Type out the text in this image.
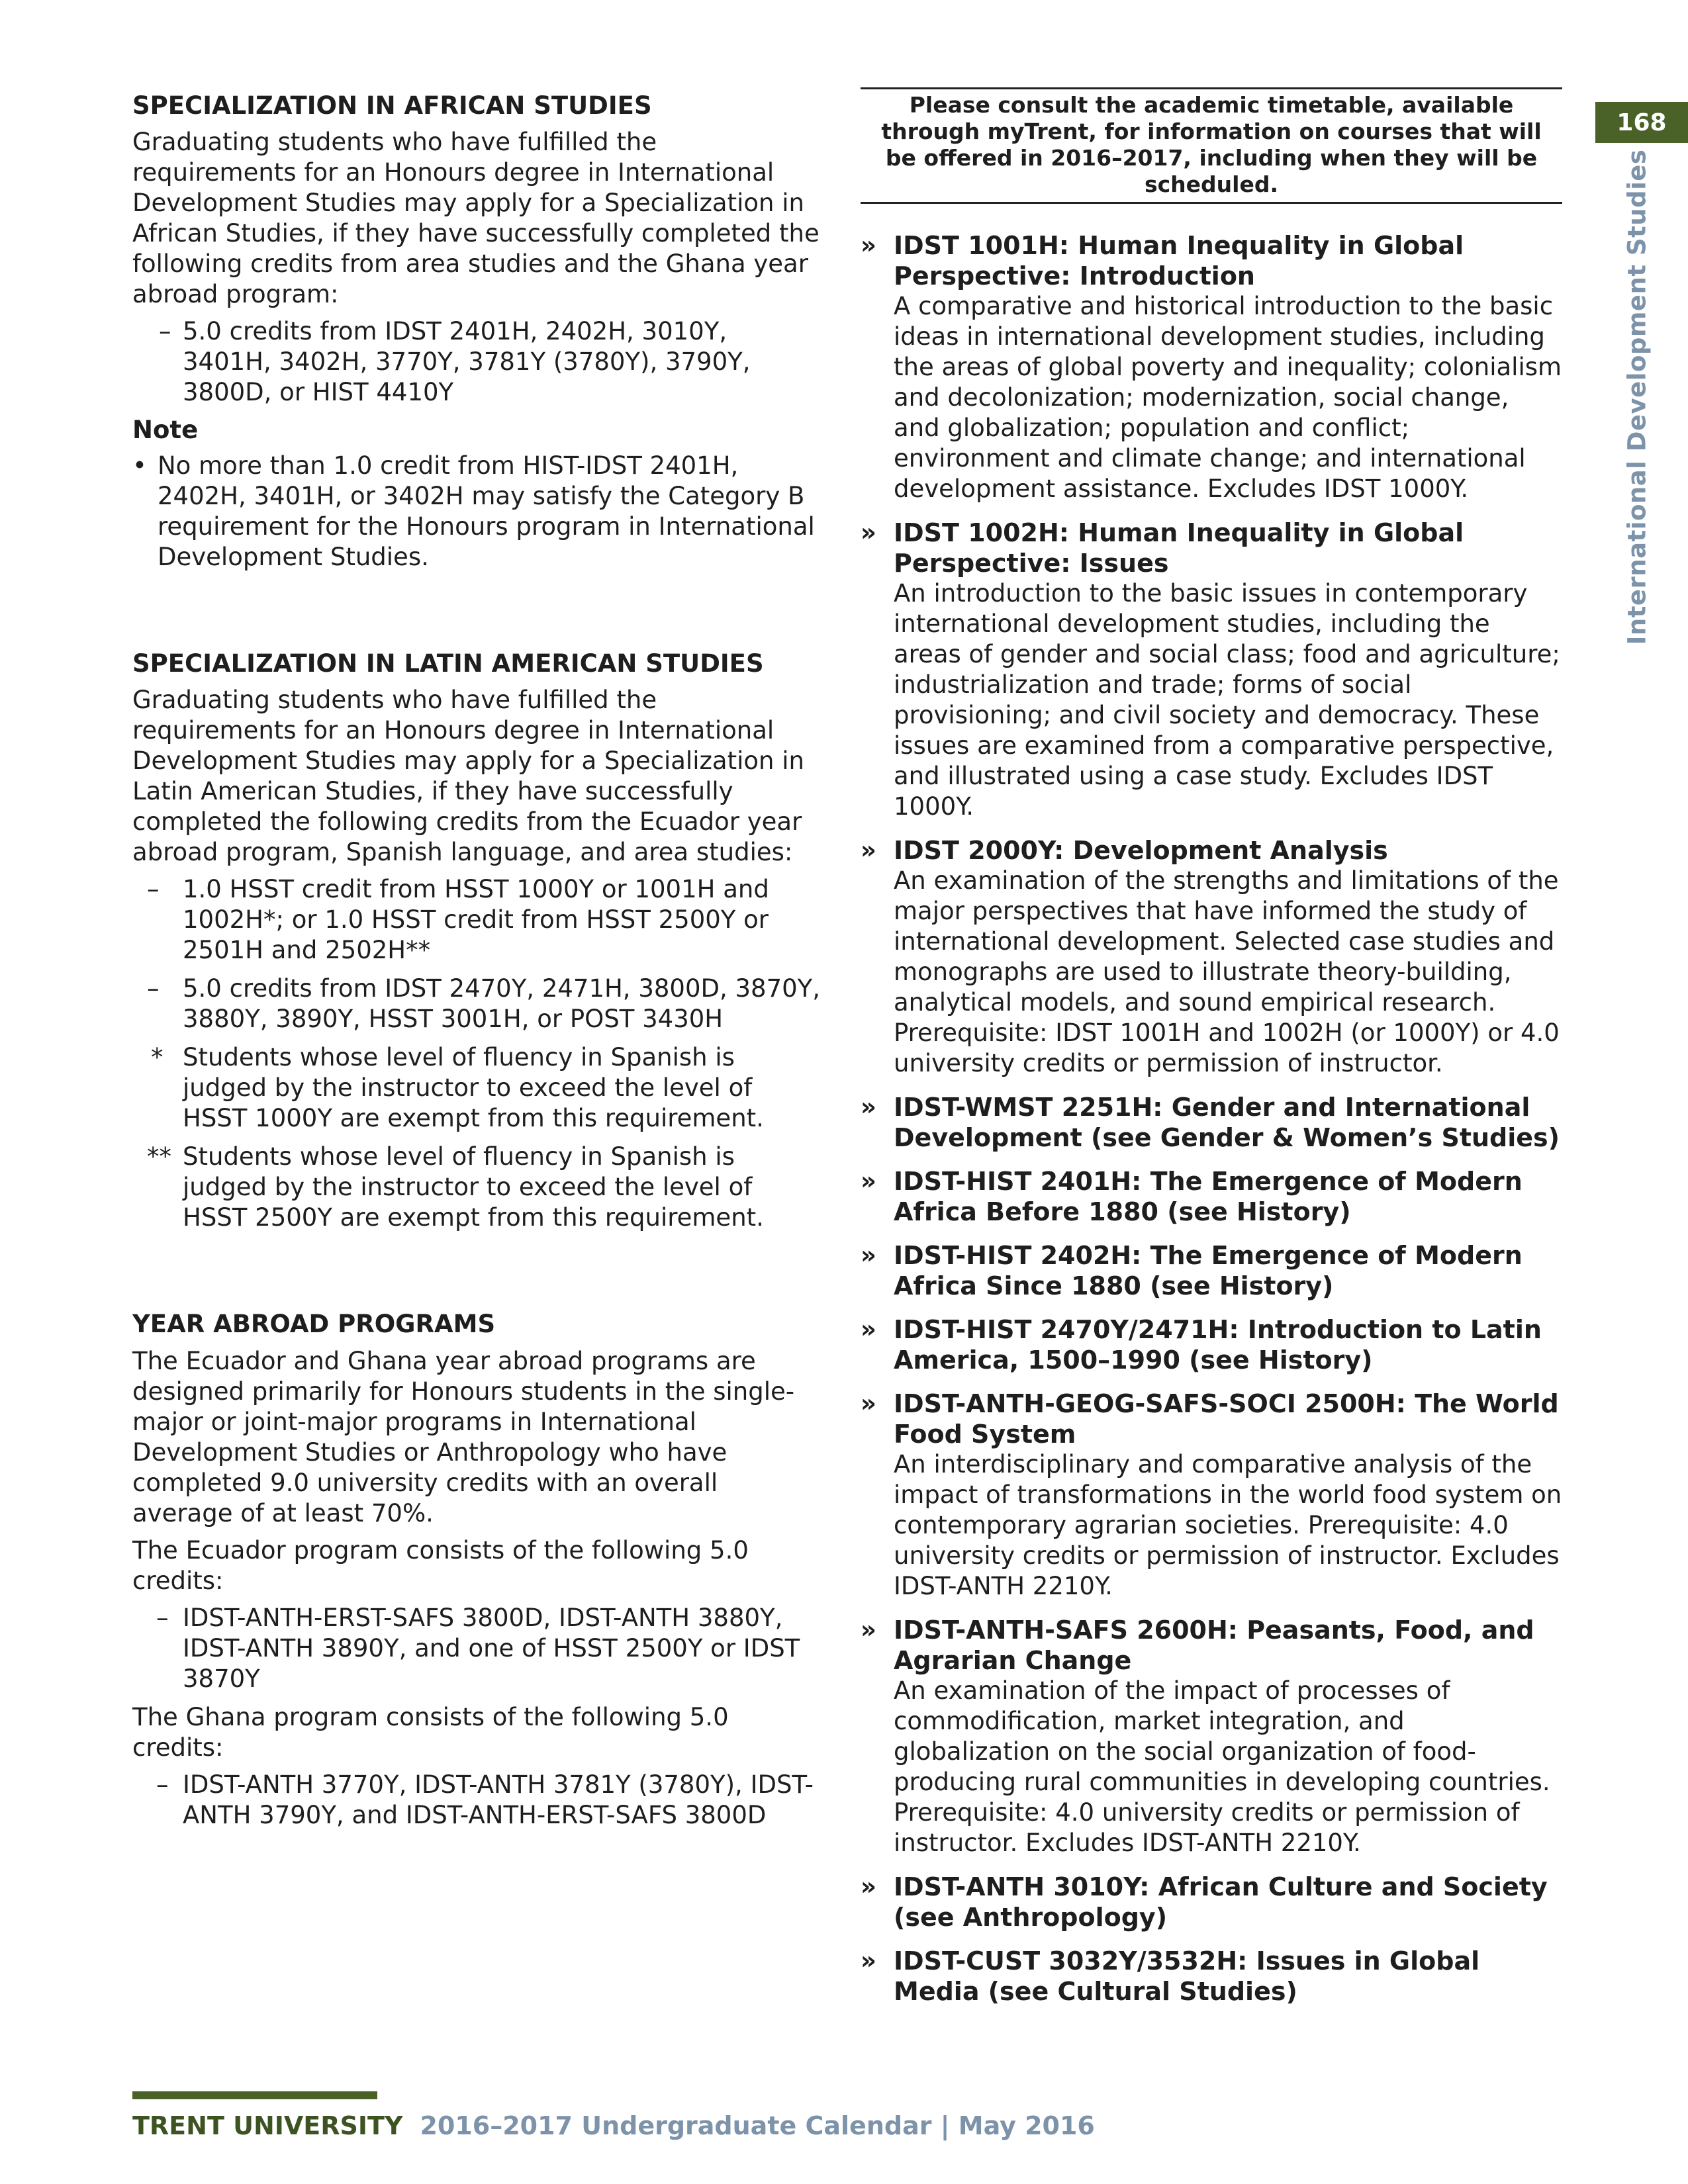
168
International Development Studies
SPECIALIZATION IN AFRICAN STUDIES

Graduating students who have fulfilled the requirements for an Honours degree in International Development Studies may apply for a Specialization in African Studies, if they have successfully completed the following credits from area studies and the Ghana year abroad program:

– 5.0 credits from IDST 2401H, 2402H, 3010Y, 3401H, 3402H, 3770Y, 3781Y (3780Y), 3790Y, 3800D, or HIST 4410Y
Note
• No more than 1.0 credit from HIST-IDST 2401H, 2402H, 3401H, or 3402H may satisfy the Category B requirement for the Honours program in International Development Studies.
SPECIALIZATION IN LATIN AMERICAN STUDIES

Graduating students who have fulfilled the requirements for an Honours degree in International Development Studies may apply for a Specialization in Latin American Studies, if they have successfully completed the following credits from the Ecuador year abroad program, Spanish language, and area studies:

– 1.0 HSST credit from HSST 1000Y or 1001H and 1002H*; or 1.0 HSST credit from HSST 2500Y or 2501H and 2502H**
– 5.0 credits from IDST 2470Y, 2471H, 3800D, 3870Y, 3880Y, 3890Y, HSST 3001H, or POST 3430H
* Students whose level of fluency in Spanish is judged by the instructor to exceed the level of HSST 1000Y are exempt from this requirement.
** Students whose level of fluency in Spanish is judged by the instructor to exceed the level of HSST 2500Y are exempt from this requirement.
YEAR ABROAD PROGRAMS

The Ecuador and Ghana year abroad programs are designed primarily for Honours students in the single-major or joint-major programs in International Development Studies or Anthropology who have completed 9.0 university credits with an overall average of at least 70%.

The Ecuador program consists of the following 5.0 credits:

– IDST-ANTH-ERST-SAFS 3800D, IDST-ANTH 3880Y, IDST-ANTH 3890Y, and one of HSST 2500Y or IDST 3870Y

The Ghana program consists of the following 5.0 credits:

– IDST-ANTH 3770Y, IDST-ANTH 3781Y (3780Y), IDST-ANTH 3790Y, and IDST-ANTH-ERST-SAFS 3800D
Please consult the academic timetable, available through myTrent, for information on courses that will be offered in 2016–2017, including when they will be scheduled.
» IDST 1001H: Human Inequality in Global Perspective: Introduction
A comparative and historical introduction to the basic ideas in international development studies, including the areas of global poverty and inequality; colonialism and decolonization; modernization, social change, and globalization; population and conflict; environment and climate change; and international development assistance. Excludes IDST 1000Y.
» IDST 1002H: Human Inequality in Global Perspective: Issues
An introduction to the basic issues in contemporary international development studies, including the areas of gender and social class; food and agriculture; industrialization and trade; forms of social provisioning; and civil society and democracy. These issues are examined from a comparative perspective, and illustrated using a case study. Excludes IDST 1000Y.
» IDST 2000Y: Development Analysis
An examination of the strengths and limitations of the major perspectives that have informed the study of international development. Selected case studies and monographs are used to illustrate theory-building, analytical models, and sound empirical research. Prerequisite: IDST 1001H and 1002H (or 1000Y) or 4.0 university credits or permission of instructor.
» IDST-WMST 2251H: Gender and International Development (see Gender & Women’s Studies)
» IDST-HIST 2401H: The Emergence of Modern Africa Before 1880 (see History)
» IDST-HIST 2402H: The Emergence of Modern Africa Since 1880 (see History)
» IDST-HIST 2470Y/2471H: Introduction to Latin America, 1500–1990 (see History)
» IDST-ANTH-GEOG-SAFS-SOCI 2500H: The World Food System
An interdisciplinary and comparative analysis of the impact of transformations in the world food system on contemporary agrarian societies. Prerequisite: 4.0 university credits or permission of instructor. Excludes IDST-ANTH 2210Y.
» IDST-ANTH-SAFS 2600H: Peasants, Food, and Agrarian Change
An examination of the impact of processes of commodification, market integration, and globalization on the social organization of food-producing rural communities in developing countries. Prerequisite: 4.0 university credits or permission of instructor. Excludes IDST-ANTH 2210Y.
» IDST-ANTH 3010Y: African Culture and Society (see Anthropology)
» IDST-CUST 3032Y/3532H: Issues in Global Media (see Cultural Studies)
TRENT UNIVERSITY 2016–2017 Undergraduate Calendar | May 2016
